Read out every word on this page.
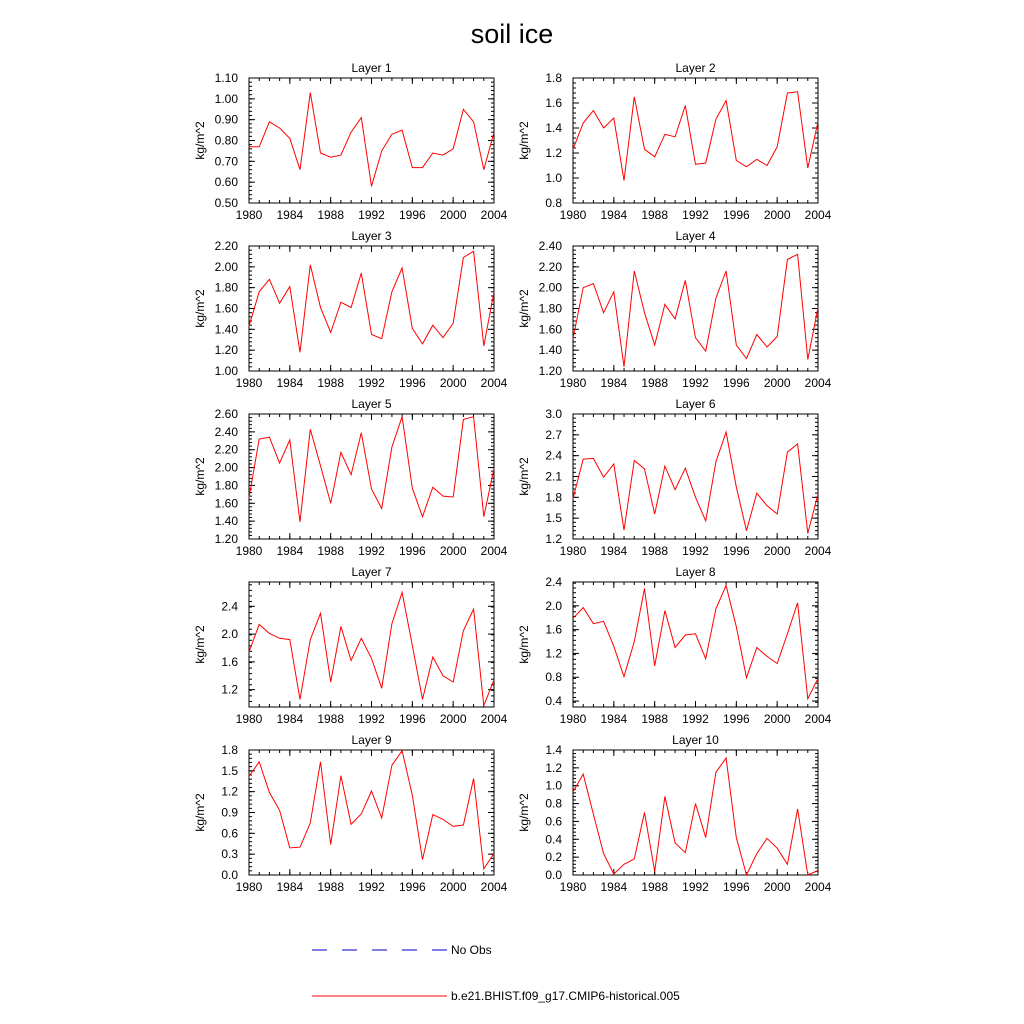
soil ice
Layer 1
1980 1984 1988 1992 1996 2000 2004
0.50
0.60
0.70
0.80
0.90
1.00
1.10
kg/m^2
Layer 2
1980 1984 1988 1992 1996 2000 2004
0.8
1.0
1.2
1.4
1.6
1.8
kg/m^2
Layer 3
1980 1984 1988 1992 1996 2000 2004
1.00
1.20
1.40
1.60
1.80
2.00
2.20
kg/m^2
Layer 4
1980 1984 1988 1992 1996 2000 2004
1.20
1.40
1.60
1.80
2.00
2.20
2.40
kg/m^2
Layer 5
1980 1984 1988 1992 1996 2000 2004
1.20
1.40
1.60
1.80
2.00
2.20
2.40
2.60
kg/m^2
Layer 6
1980 1984 1988 1992 1996 2000 2004
1.2
1.5
1.8
2.1
2.4
2.7
3.0
kg/m^2
Layer 7
1980 1984 1988 1992 1996 2000 2004
1.2
1.6
2.0
2.4
kg/m^2
Layer 8
1980 1984 1988 1992 1996 2000 2004
0.4
0.8
1.2
1.6
2.0
2.4
kg/m^2
Layer 9
1980 1984 1988 1992 1996 2000 2004
0.0
0.3
0.6
0.9
1.2
1.5
1.8
kg/m^2
Layer 10
1980 1984 1988 1992 1996 2000 2004
0.0
0.2
0.4
0.6
0.8
1.0
1.2
1.4
kg/m^2
No Obs
b.e21.BHIST.f09_g17.CMIP6-historical.005
